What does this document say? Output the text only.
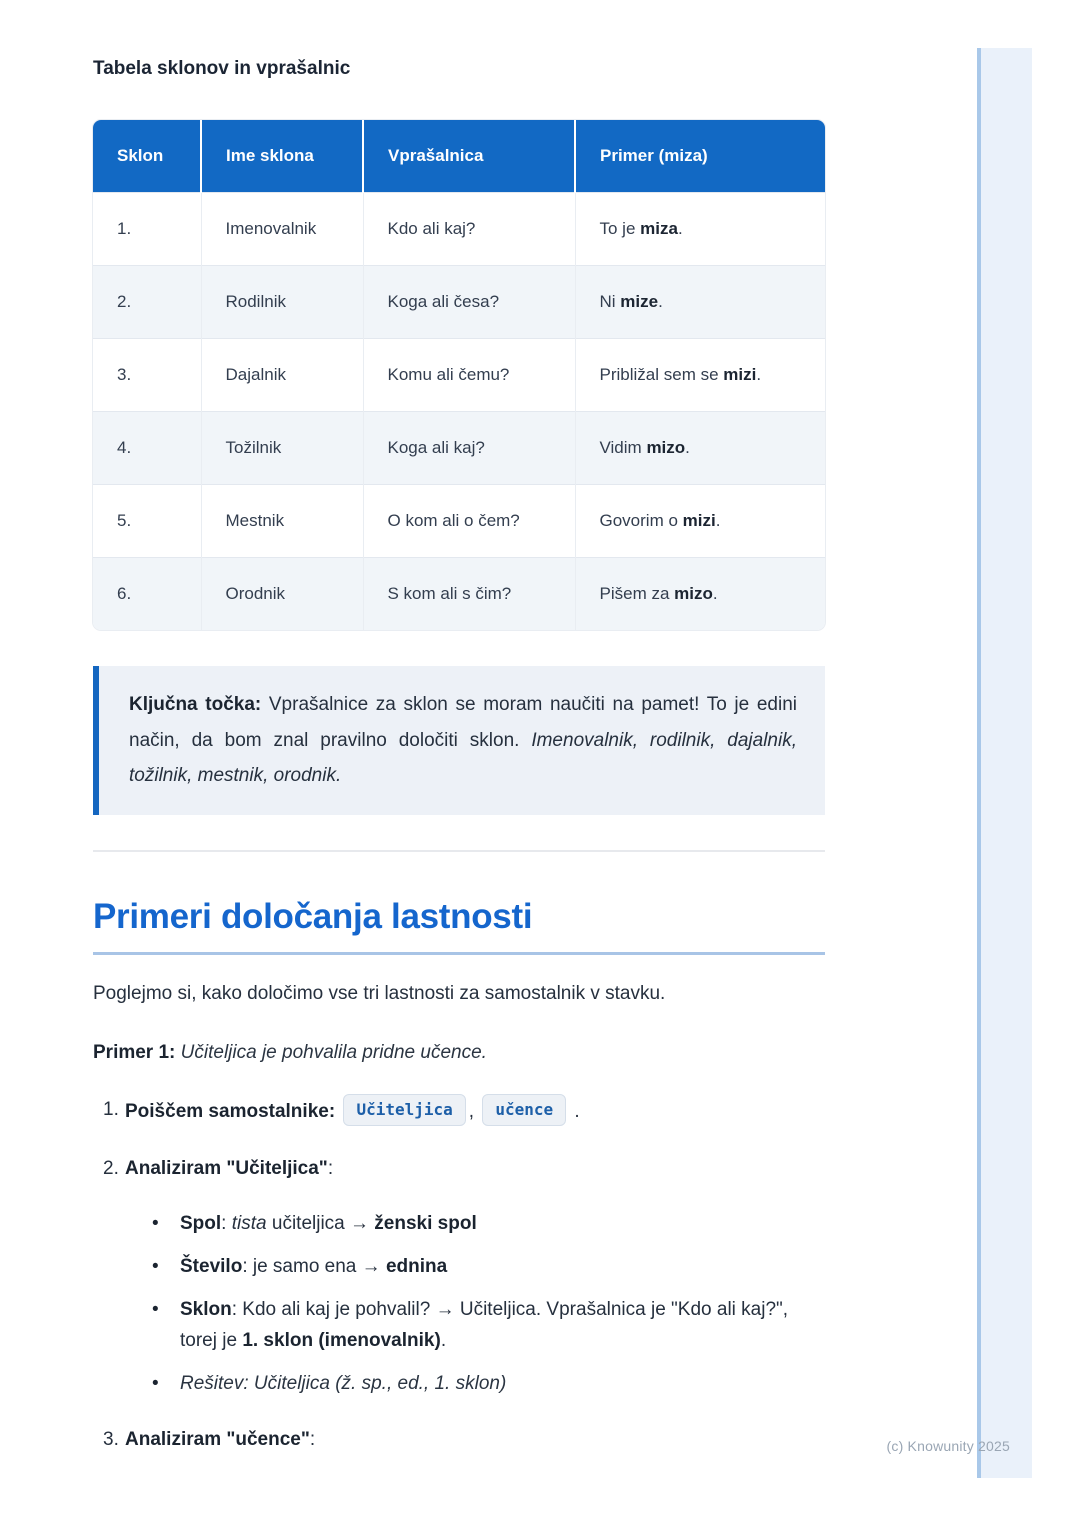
Tabela sklonov in vprašalnic
Sklon	Ime sklona	Vprašalnica	Primer (miza)
1.	Imenovalnik	Kdo ali kaj?	To je miza.
2.	Rodilnik	Koga ali česa?	Ni mize.
3.	Dajalnik	Komu ali čemu?	Približal sem se mizi.
4.	Tožilnik	Koga ali kaj?	Vidim mizo.
5.	Mestnik	O kom ali o čem?	Govorim o mizi.
6.	Orodnik	S kom ali s čim?	Pišem za mizo.
Ključna točka: Vprašalnice za sklon se moram naučiti na pamet! To je edini način, da bom znal pravilno določiti sklon. Imenovalnik, rodilnik, dajalnik, tožilnik, mestnik, orodnik.
Primeri določanja lastnosti

Poglejmo si, kako določimo vse tri lastnosti za samostalnik v stavku.

Primer 1: Učiteljica je pohvalila pridne učence.

1. Poiščem samostalnike: Učiteljica , učence .
2. Analiziram "Učiteljica":
•	Spol: tista učiteljica → ženski spol
•	Število: je samo ena → ednina
•	Sklon: Kdo ali kaj je pohvalil? → Učiteljica. Vprašalnica je "Kdo ali kaj?", torej je 1. sklon (imenovalnik).
•	Rešitev: Učiteljica (ž. sp., ed., 1. sklon)
3. Analiziram "učence":	(c) Knowunity 2025
